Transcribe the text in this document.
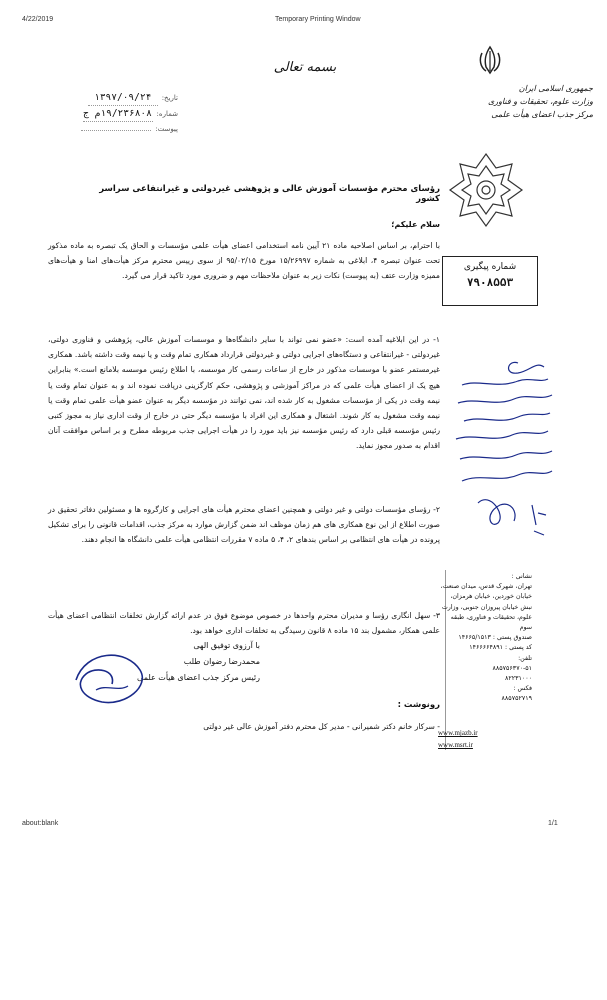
4/22/2019	Temporary Printing Window
جمهوری اسلامی ایران
وزارت علوم، تحقیقات و فناوری
مرکز جذب اعضای هیأت علمی
بسمه تعالی
تاریخ:
۱۳۹۷/۰۹/۲۴
شماره:
۱۹/۲۳۶۸۰۸م ج
پیوست:
شماره پیگیری
۷۹۰۸۵۵۳
رؤسای محترم مؤسسات آموزش عالی و پژوهشی غیردولتی و غیرانتفاعی سراسر کشور
سلام علیکم؛
با احترام، بر اساس اصلاحیه ماده ۲۱ آیین نامه استخدامی اعضای هیأت علمی مؤسسات و الحاق یک تبصره به ماده مذکور تحت عنوان تبصره ۴، ابلاغی به شماره ۱۵/۲۶۹۹۷ مورخ ۹۵/۰۲/۱۵ از سوی رییس محترم مرکز هیأت‌های امنا و هیأت‌های ممیزه وزارت عتف (به پیوست) نکات زیر به عنوان ملاحظات مهم و ضروری مورد تاکید قرار می گیرد.
۱- در این ابلاغیه آمده است: «عضو نمی تواند با سایر دانشگاه‌ها و موسسات آموزش عالی، پژوهشی و فناوری دولتی، غیردولتی - غیرانتفاعی و دستگاه‌های اجرایی دولتی و غیردولتی قرارداد همکاری تمام وقت و یا نیمه وقت داشته باشد. همکاری غیرمستمر عضو با موسسات مذکور در خارج از ساعات رسمی کار موسسه، با اطلاع رئیس موسسه بلامانع است.» بنابراین هیچ یک از اعضای هیأت علمی که در مراکز آموزشی و پژوهشی، حکم کارگزینی دریافت نموده اند و به عنوان تمام وقت یا نیمه وقت در یکی از مؤسسات مشغول به کار شده اند، نمی توانند در مؤسسه دیگر به عنوان عضو هیأت علمی تمام وقت یا نیمه وقت مشغول به کار شوند. اشتغال و همکاری این افراد با مؤسسه دیگر حتی در خارج از وقت اداری نیاز به مجوز کتبی رئیس مؤسسه قبلی دارد که رئیس مؤسسه نیز باید مورد را در هیأت اجرایی جذب مربوطه مطرح و بر اساس موافقت آنان اقدام به صدور مجوز نماید.
۲- رؤسای مؤسسات دولتی و غیر دولتی و همچنین اعضای محترم هیأت های اجرایی و کارگروه ها و مسئولین دفاتر تحقیق در صورت اطلاع از این نوع همکاری های هم زمان موظف اند ضمن گزارش موارد به مرکز جذب، اقدامات قانونی را برای تشکیل پرونده در هیأت های انتظامی بر اساس بندهای ۲، ۴، ۵ ماده ۷ مقررات انتظامی هیأت علمی دانشگاه ها انجام دهند.
۳- سهل انگاری رؤسا و مدیران محترم واحدها در خصوص موضوع فوق در عدم ارائه گزارش تخلفات انتظامی اعضای هیأت علمی همکار، مشمول بند ۱۵ ماده ۸ قانون رسیدگی به تخلفات اداری خواهد بود.
با آرزوی توفیق الهی
محمدرضا رضوان طلب
رئیس مرکز جذب اعضای هیأت علمی
رونوشت :
- سرکار خانم دکتر شمیرانی - مدیر کل محترم دفتر آموزش عالی غیر دولتی
نشانی :
تهران، شهرک قدس، میدان صنعت، خیابان خوردین، خیابان هرمزان، نبش خیابان پیروزان جنوبی، وزارت علوم، تحقیقات و فناوری، طبقه سوم
صندوق پستی : ۱۴۶۶۵/۱۵۱۳
کد پستی : ۱۴۶۶۶۶۴۸۹۱
تلفن:
۸۸۵۷۵۶۳۷۰-۵۱
۸۲۲۳۱۰۰۰
فکس :
۸۸۵۷۵۲۷۱۹
www.mjazb.ir
www.msrt.ir
about:blank	1/1
